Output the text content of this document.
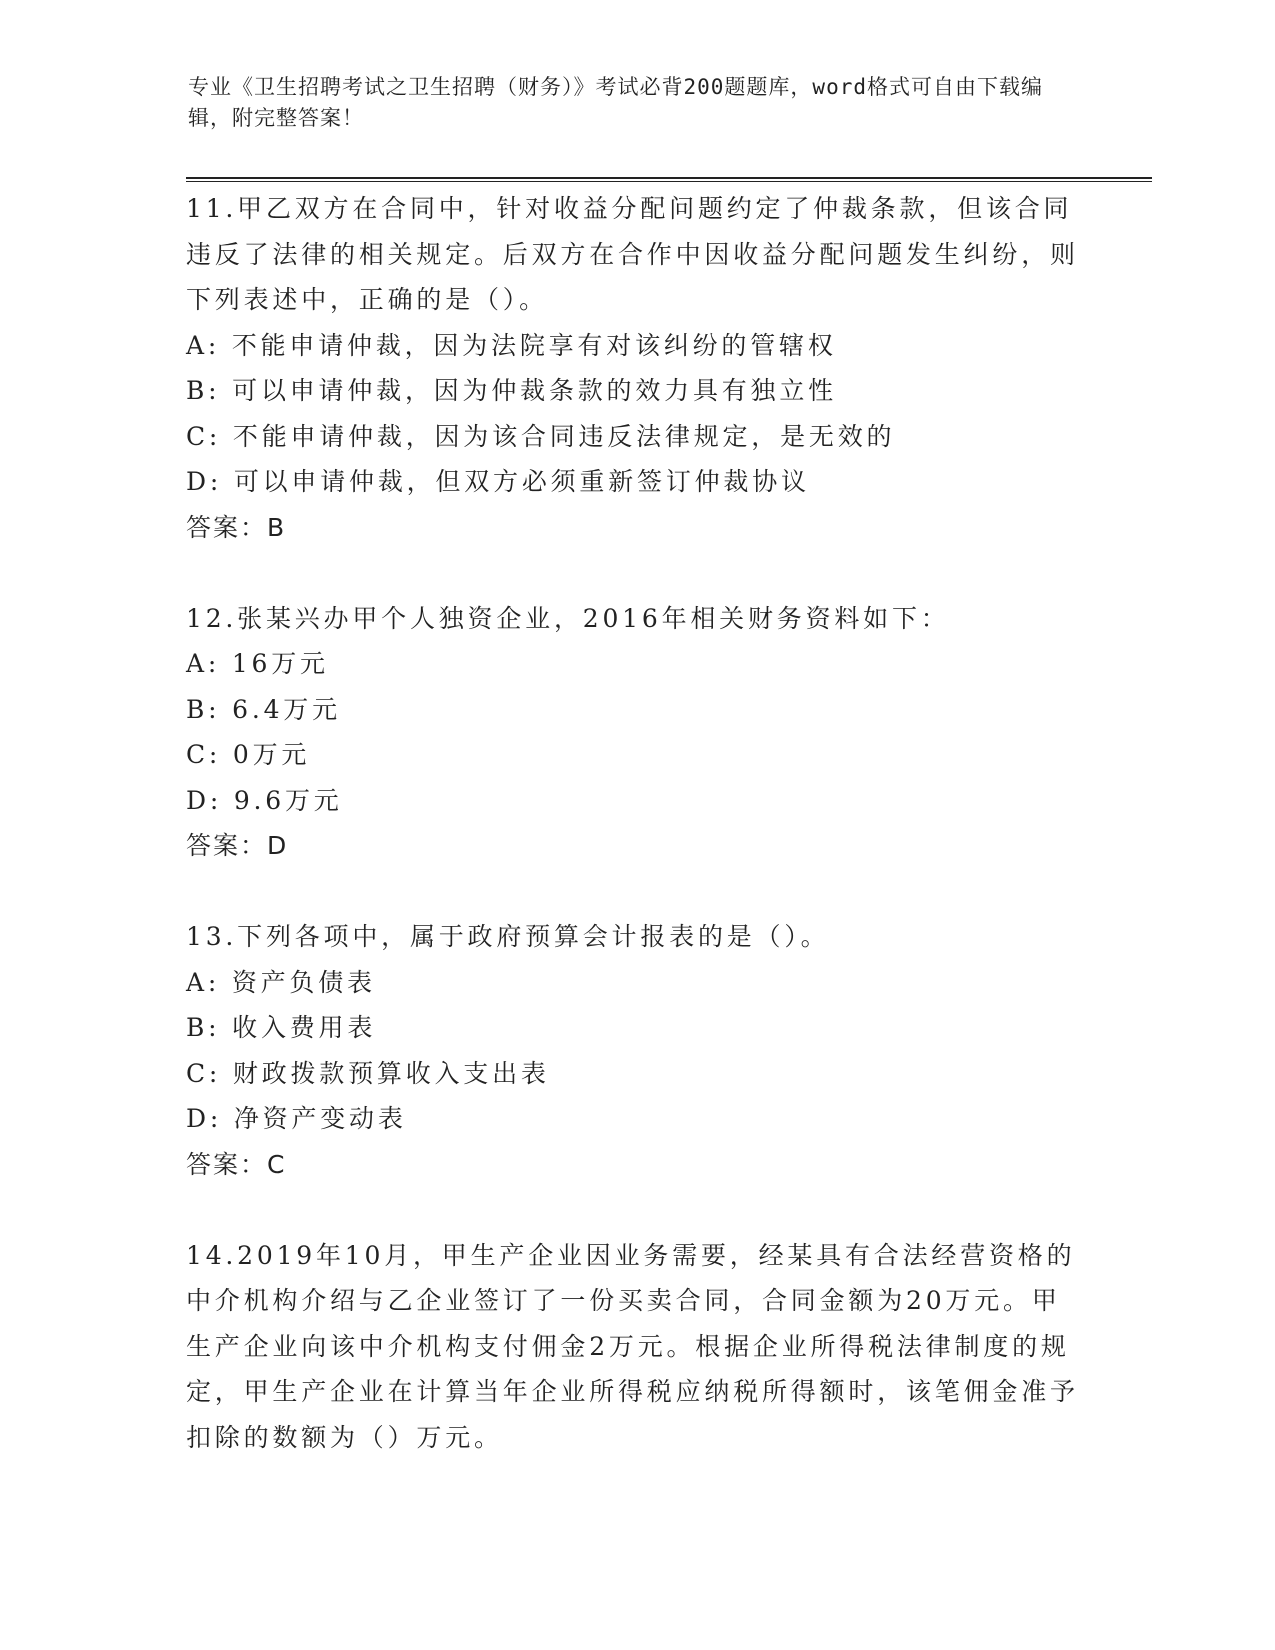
专业《卫生招聘考试之卫生招聘（财务）》考试必背200题题库，word格式可自由下载编辑，附完整答案！

11.甲乙双方在合同中，针对收益分配问题约定了仲裁条款，但该合同违反了法律的相关规定。后双方在合作中因收益分配问题发生纠纷，则下列表述中，正确的是（）。

A: 不能申请仲裁，因为法院享有对该纠纷的管辖权

B: 可以申请仲裁，因为仲裁条款的效力具有独立性

C: 不能申请仲裁，因为该合同违反法律规定，是无效的

D: 可以申请仲裁，但双方必须重新签订仲裁协议

答案：B

12.张某兴办甲个人独资企业，2016年相关财务资料如下：

A: 16万元

B: 6.4万元

C: 0万元

D: 9.6万元

答案：D

13.下列各项中，属于政府预算会计报表的是（）。

A: 资产负债表

B: 收入费用表

C: 财政拨款预算收入支出表

D: 净资产变动表

答案：C

14.2019年10月，甲生产企业因业务需要，经某具有合法经营资格的中介机构介绍与乙企业签订了一份买卖合同，合同金额为20万元。甲生产企业向该中介机构支付佣金2万元。根据企业所得税法律制度的规定，甲生产企业在计算当年企业所得税应纳税所得额时，该笔佣金准予扣除的数额为（）万元。
